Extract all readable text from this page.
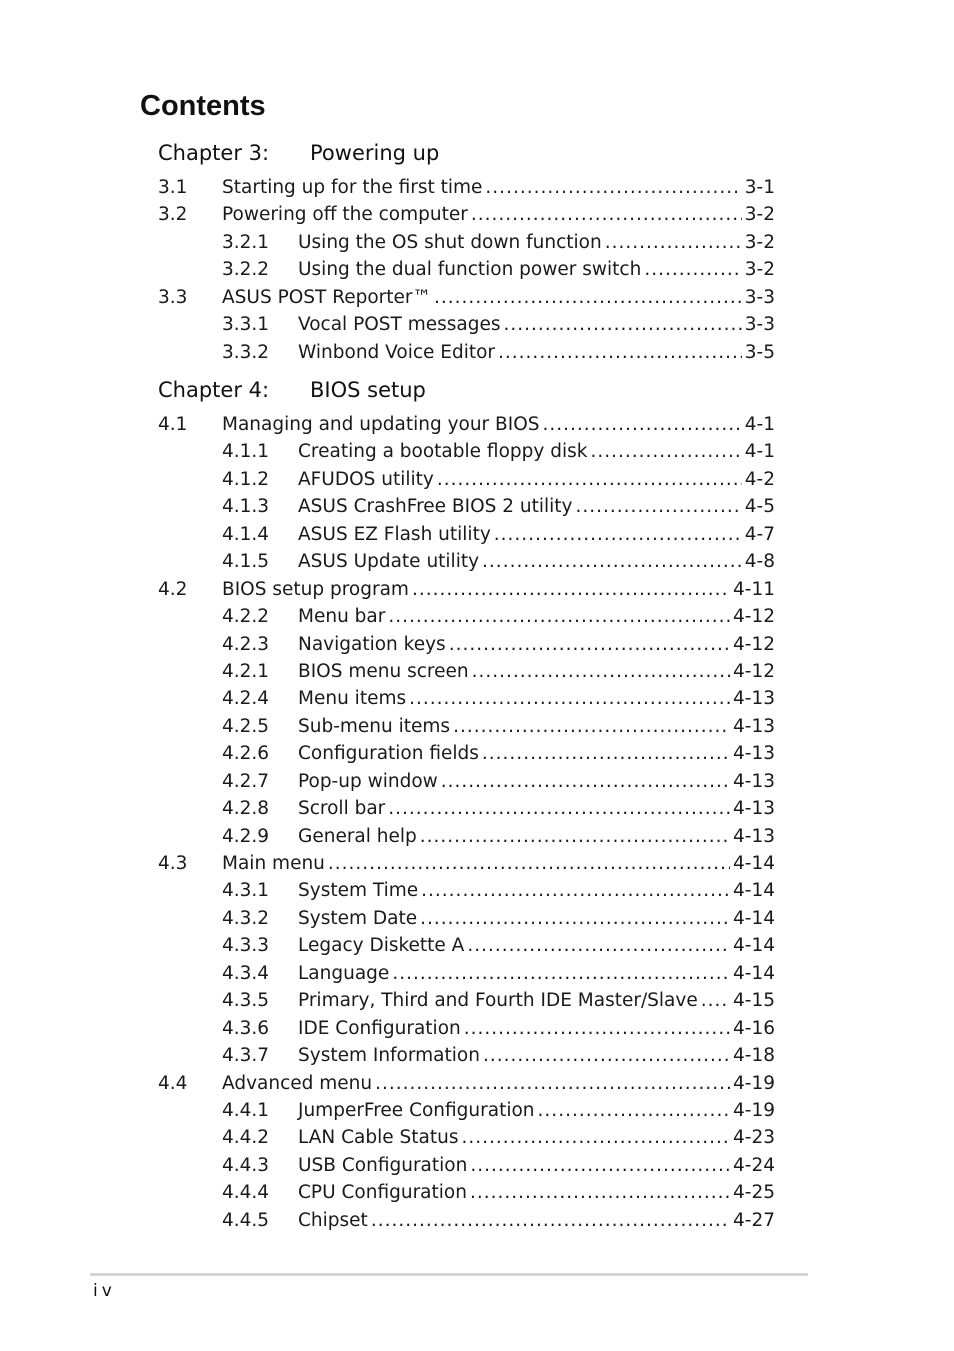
Contents
Chapter 3: Powering up
3.1 Starting up for the first time .....	3-1
3.2 Powering off the computer .....	3-2
3.2.1 Using the OS shut down function .....	3-2
3.2.2 Using the dual function power switch .....	3-2
3.3 ASUS POST Reporter™ .....	3-3
3.3.1 Vocal POST messages .....	3-3
3.3.2 Winbond Voice Editor .....	3-5
Chapter 4: BIOS setup
4.1 Managing and updating your BIOS .....	4-1
4.1.1 Creating a bootable floppy disk .....	4-1
4.1.2 AFUDOS utility .....	4-2
4.1.3 ASUS CrashFree BIOS 2 utility .....	4-5
4.1.4 ASUS EZ Flash utility .....	4-7
4.1.5 ASUS Update utility .....	4-8
4.2 BIOS setup program .....	4-11
4.2.2 Menu bar .....	4-12
4.2.3 Navigation keys .....	4-12
4.2.1 BIOS menu screen .....	4-12
4.2.4 Menu items .....	4-13
4.2.5 Sub-menu items .....	4-13
4.2.6 Configuration fields .....	4-13
4.2.7 Pop-up window .....	4-13
4.2.8 Scroll bar .....	4-13
4.2.9 General help .....	4-13
4.3 Main menu .....	4-14
4.3.1 System Time .....	4-14
4.3.2 System Date .....	4-14
4.3.3 Legacy Diskette A .....	4-14
4.3.4 Language .....	4-14
4.3.5 Primary, Third and Fourth IDE Master/Slave ..... 4-15
4.3.6 IDE Configuration .....	4-16
4.3.7 System Information .....	4-18
4.4 Advanced menu .....	4-19
4.4.1 JumperFree Configuration .....	4-19
4.4.2 LAN Cable Status .....	4-23
4.4.3 USB Configuration .....	4-24
4.4.4 CPU Configuration .....	4-25
4.4.5 Chipset .....	4-27
iv
